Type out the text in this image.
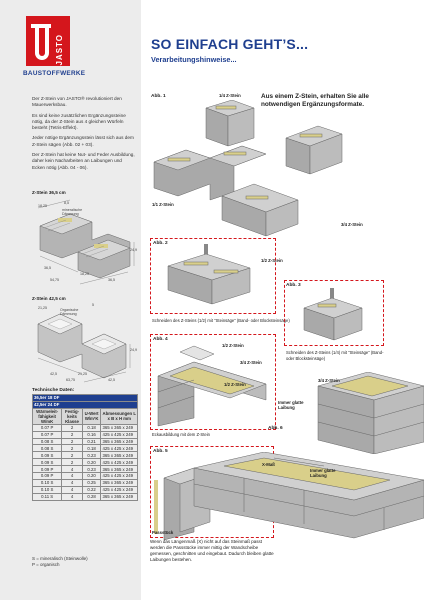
JASTO
BAUSTOFFWERKE

Der Z-Stein von JASTO® revolutioniert den Mauerwerksbau.

Es sind keine zusätzlichen Ergänzungssteine nötig, da der Z-Stein aus 4 gleichen Würfeln besteht (Tetris-Effekt).

Jeder nötige Ergänzungsstein lässt sich aus dem Z-Stein sägen (Abb. 02 + 03).

Der Z-Stein hat keine Nut- und Feder Ausbildung, daher kein Nacharbeiten an Laibungen und Ecken nötig (Abb. 04 - 06).

Z-Stein 36,5 cm
18,25
8,5
mineralische Dämmung
24,9
36,5
54,75
18,25
36,5
Z-Stein 42,5 cm
21,25
5
Organische Dämmung
24,9
42,5
63,75
21,25
42,5
Technische Daten:
36,5er 18 DF			
42,5er 24 DF			
Wärmeleit-fähigkeit W/mK	Festig-keits Klasse	U-Wert W/m²K	Abmessungen L x B x H mm
0.07 P	2	0.18	365 x 365 x 249
0.07 P	2	0.16	425 x 425 x 249
0.08 S	2	0.21	365 x 365 x 249
0.08 S	2	0.18	425 x 425 x 249
0.09 S	2	0.23	365 x 365 x 249
0.09 S	2	0.20	425 x 425 x 249
0.09 P	4	0.23	365 x 365 x 249
0.09 P	4	0.20	425 x 425 x 249
0.10 S	4	0.25	365 x 365 x 249
0.10 S	4	0.22	425 x 425 x 249
0.11 S	4	0.28	365 x 365 x 249
S = mineralisch (Steinwolle)
P = organisch
SO EINFACH GEHT’S...
Verarbeitungshinweise...
Abb. 1	Aus einem Z-Stein, erhalten Sie alle notwendigen Ergänzungsformate.
1/4 Z-Stein
1/1 Z-Stein
3/4 Z-Stein
1/2 Z-Stein
Abb. 2
Schneiden des Z-Steins (1/2) mit "Steinsäge" (Band- oder Blocksteinsäge)
Abb. 3
Schneiden des Z-Steins (1/4) mit "Steinsäge" (Band- oder Blocksteinsäge)
Abb. 4
1/2 Z-Stein
3/4 Z-Stein
1/2 Z-Stein
Eckausbildung mit dem Z-Stein
3/4 Z-Stein
Immer glatte Laibung
Abb. 6
Abb. 5
X-Maß
Passstück
Immer glatte Laibung
Wenn das Längenmaß (X) nicht auf das Steinmaß passt werden die Passstücke immer mittig der Wandscheibe gemessen, geschnitten und eingebaut. Dadurch bleiben glatte Laibungen bestehen.
